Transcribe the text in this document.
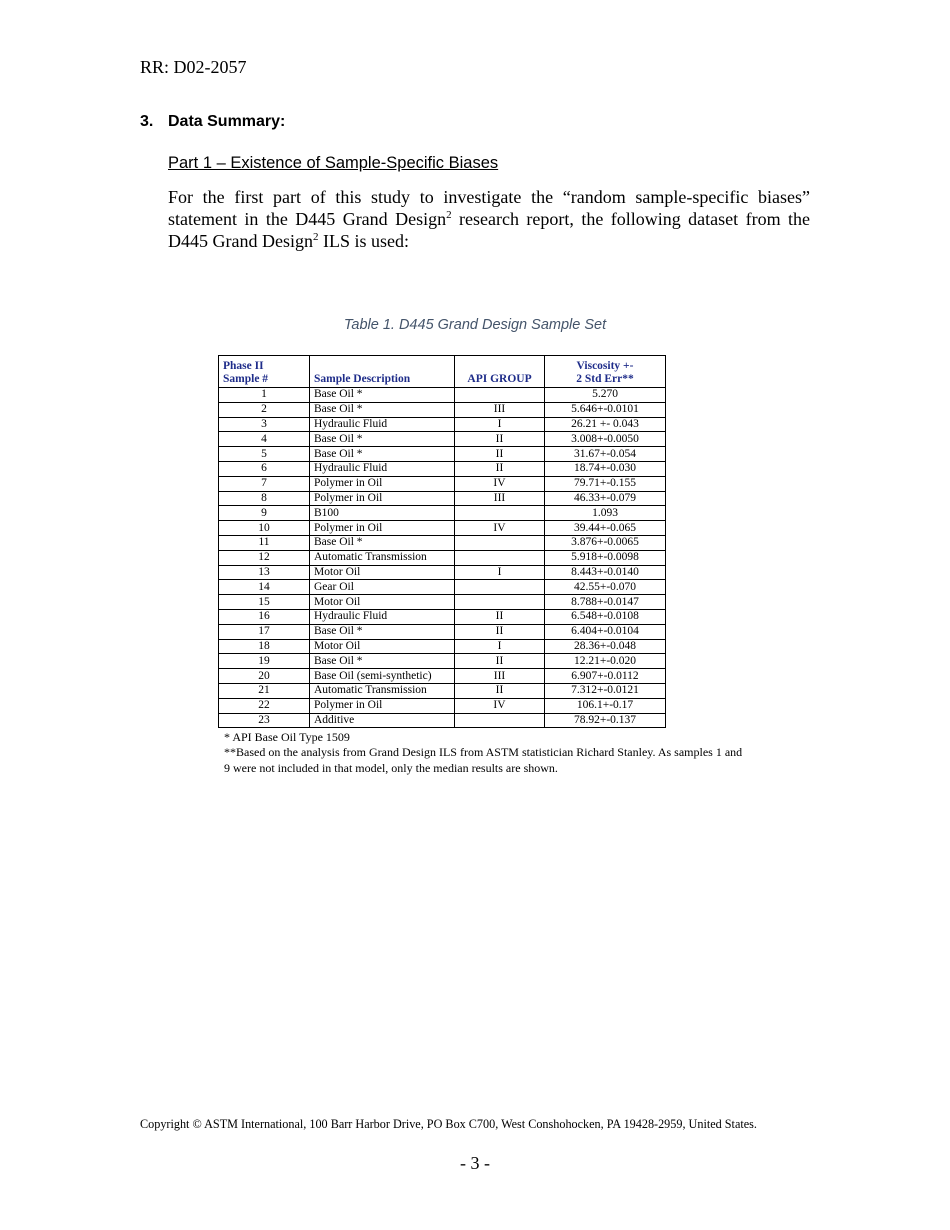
RR: D02-2057
3. Data Summary:
Part 1 – Existence of Sample-Specific Biases

For the first part of this study to investigate the “random sample-specific biases” statement in the D445 Grand Design$^2$ research report, the following dataset from the D445 Grand Design$^2$ ILS is used:

Table 1. D445 Grand Design Sample Set
Phase II
Sample #	Sample Description	API GROUP	Viscosity +-
2 Std Err**
1	Base Oil *		5.270
2	Base Oil *	III	5.646+-0.0101
3	Hydraulic Fluid	I	26.21 +- 0.043
4	Base Oil *	II	3.008+-0.0050
5	Base Oil *	II	31.67+-0.054
6	Hydraulic Fluid	II	18.74+-0.030
7	Polymer in Oil	IV	79.71+-0.155
8	Polymer in Oil	III	46.33+-0.079
9	B100		1.093
10	Polymer in Oil	IV	39.44+-0.065
11	Base Oil *		3.876+-0.0065
12	Automatic Transmission		5.918+-0.0098
13	Motor Oil	I	8.443+-0.0140
14	Gear Oil		42.55+-0.070
15	Motor Oil		8.788+-0.0147
16	Hydraulic Fluid	II	6.548+-0.0108
17	Base Oil *	II	6.404+-0.0104
18	Motor Oil	I	28.36+-0.048
19	Base Oil *	II	12.21+-0.020
20	Base Oil (semi-synthetic)	III	6.907+-0.0112
21	Automatic Transmission	II	7.312+-0.0121
22	Polymer in Oil	IV	106.1+-0.17
23	Additive		78.92+-0.137
* API Base Oil Type 1509
**Based on the analysis from Grand Design ILS from ASTM statistician Richard Stanley. As samples 1 and 9 were not included in that model, only the median results are shown.
Copyright © ASTM International, 100 Barr Harbor Drive, PO Box C700, West Conshohocken, PA 19428-2959, United States.
- 3 -
